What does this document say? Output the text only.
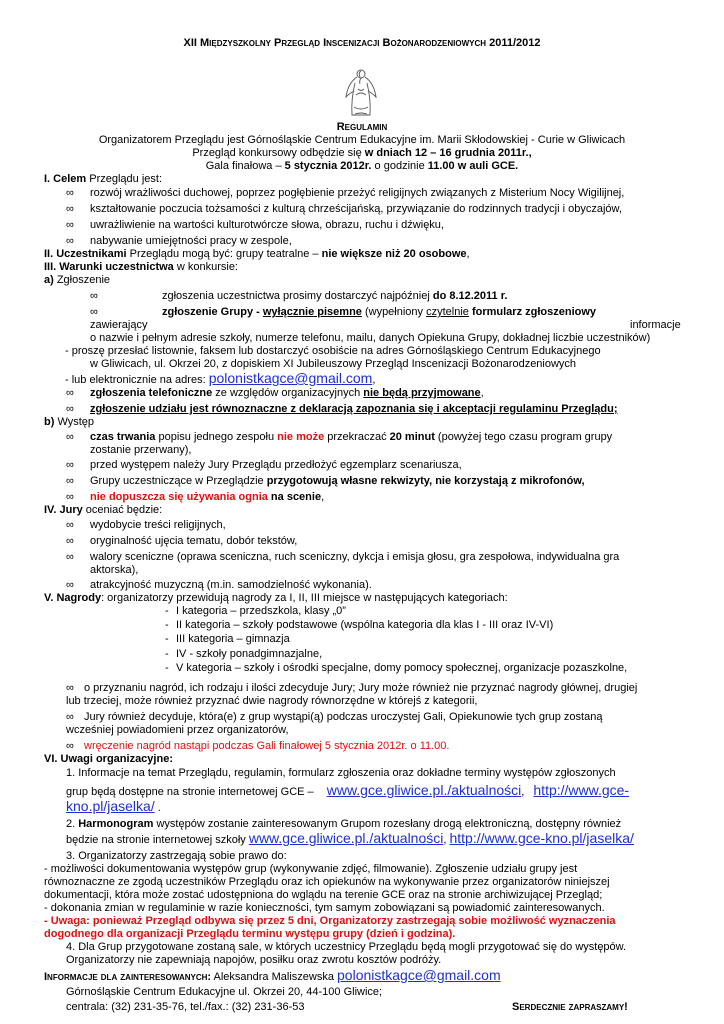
XII Międzyszkolny Przegląd Inscenizacji Bożonarodzeniowych 2011/2012
Regulamin
Organizatorem Przeglądu jest Górnośląskie Centrum Edukacyjne im. Marii Skłodowskiej - Curie w Gliwicach
Przegląd konkursowy odbędzie się w dniach 12 – 16 grudnia 2011r.,
Gala finałowa – 5 stycznia 2012r. o godzinie 11.00 w auli GCE.
I. Celem Przeglądu jest:
∞ rozwój wrażliwości duchowej, poprzez pogłębienie przeżyć religijnych związanych z Misterium Nocy Wigilijnej,
∞ kształtowanie poczucia tożsamości z kulturą chrześcijańską, przywiązanie do rodzinnych tradycji i obyczajów,
∞ uwrażliwienie na wartości kulturotwórcze słowa, obrazu, ruchu i dźwięku,
∞ nabywanie umiejętności pracy w zespole,
II. Uczestnikami Przeglądu mogą być: grupy teatralne – nie większe niż 20 osobowe,
III. Warunki uczestnictwa w konkursie:
a) Zgłoszenie
∞	zgłoszenia uczestnictwa prosimy dostarczyć najpóźniej do 8.12.2011 r.
∞	zgłoszenie Grupy - wyłącznie pisemne (wypełniony czytelnie formularz zgłoszeniowy
zawierający	informacje
o nazwie i pełnym adresie szkoły, numerze telefonu, mailu, danych Opiekuna Grupy, dokładnej liczbie uczestników)
- proszę przesłać listownie, faksem lub dostarczyć osobiście na adres Górnośląskiego Centrum Edukacyjnego
w Gliwicach, ul. Okrzei 20, z dopiskiem XI Jubileuszowy Przegląd Inscenizacji Bożonarodzeniowych
- lub elektronicznie na adres: polonistkagce@gmail.com,
∞ zgłoszenia telefoniczne ze względów organizacyjnych nie będą przyjmowane,
∞ zgłoszenie udziału jest równoznaczne z deklaracją zapoznania się i akceptacji regulaminu Przeglądu;
b) Występ
∞ czas trwania popisu jednego zespołu nie może przekraczać 20 minut (powyżej tego czasu program grupy
zostanie przerwany),
∞ przed występem należy Jury Przeglądu przedłożyć egzemplarz scenariusza,
∞ Grupy uczestniczące w Przeglądzie przygotowują własne rekwizyty, nie korzystają z mikrofonów,
∞ nie dopuszcza się używania ognia na scenie,
IV. Jury oceniać będzie:
∞ wydobycie treści religijnych,
∞ oryginalność ujęcia tematu, dobór tekstów,
∞ walory sceniczne (oprawa sceniczna, ruch sceniczny, dykcja i emisja głosu, gra zespołowa, indywidualna gra
aktorska),
∞ atrakcyjność muzyczną (m.in. samodzielność wykonania).
V. Nagrody: organizatorzy przewidują nagrody za I, II, III miejsce w następujących kategoriach:
- I kategoria – przedszkola, klasy „0”
- II kategoria – szkoły podstawowe (wspólna kategoria dla klas I - III oraz IV-VI)
- III kategoria – gimnazja
- IV - szkoły ponadgimnazjalne,
- V kategoria – szkoły i ośrodki specjalne, domy pomocy społecznej, organizacje pozaszkolne,
∞ o przyznaniu nagród, ich rodzaju i ilości zdecyduje Jury; Jury może również nie przyznać nagrody głównej, drugiej
lub trzeciej, może również przyznać dwie nagrody równorzędne w którejś z kategorii,
∞ Jury również decyduje, która(e) z grup wystąpi(ą) podczas uroczystej Gali, Opiekunowie tych grup zostaną
wcześniej powiadomieni przez organizatorów,
∞ wręczenie nagród nastąpi podczas Gali finałowej 5 stycznia 2012r. o 11.00.
VI. Uwagi organizacyjne:
1. Informacje na temat Przeglądu, regulamin, formularz zgłoszenia oraz dokładne terminy występów zgłoszonych
grup będą dostępne na stronie internetowej GCE – www.gce.gliwice.pl./aktualności, http://www.gce-
kno.pl/jaselka/ .
2. Harmonogram występów zostanie zainteresowanym Grupom rozesłany drogą elektroniczną, dostępny również
będzie na stronie internetowej szkoły www.gce.gliwice.pl./aktualności, http://www.gce-kno.pl/jaselka/
3. Organizatorzy zastrzegają sobie prawo do:
- możliwości dokumentowania występów grup (wykonywanie zdjęć, filmowanie). Zgłoszenie udziału grupy jest
równoznaczne ze zgodą uczestników Przeglądu oraz ich opiekunów na wykonywanie przez organizatorów niniejszej
dokumentacji, która może zostać udostępniona do wglądu na terenie GCE oraz na stronie archiwizującej Przegląd;
- dokonania zmian w regulaminie w razie konieczności, tym samym zobowiązani są powiadomić zainteresowanych.
- Uwaga: ponieważ Przegląd odbywa się przez 5 dni, Organizatorzy zastrzegają sobie możliwość wyznaczenia
dogodnego dla organizacji Przeglądu terminu występu grupy (dzień i godzina).
4. Dla Grup przygotowane zostaną sale, w których uczestnicy Przeglądu będą mogli przygotować się do występów.
Organizatorzy nie zapewniają napojów, posiłku oraz zwrotu kosztów podróży.
Informacje dla zainteresowanych: Aleksandra Maliszewska polonistkagce@gmail.com
Górnośląskie Centrum Edukacyjne ul. Okrzei 20, 44-100 Gliwice;
centrala: (32) 231-35-76, tel./fax.: (32) 231-36-53	Serdecznie zapraszamy!
